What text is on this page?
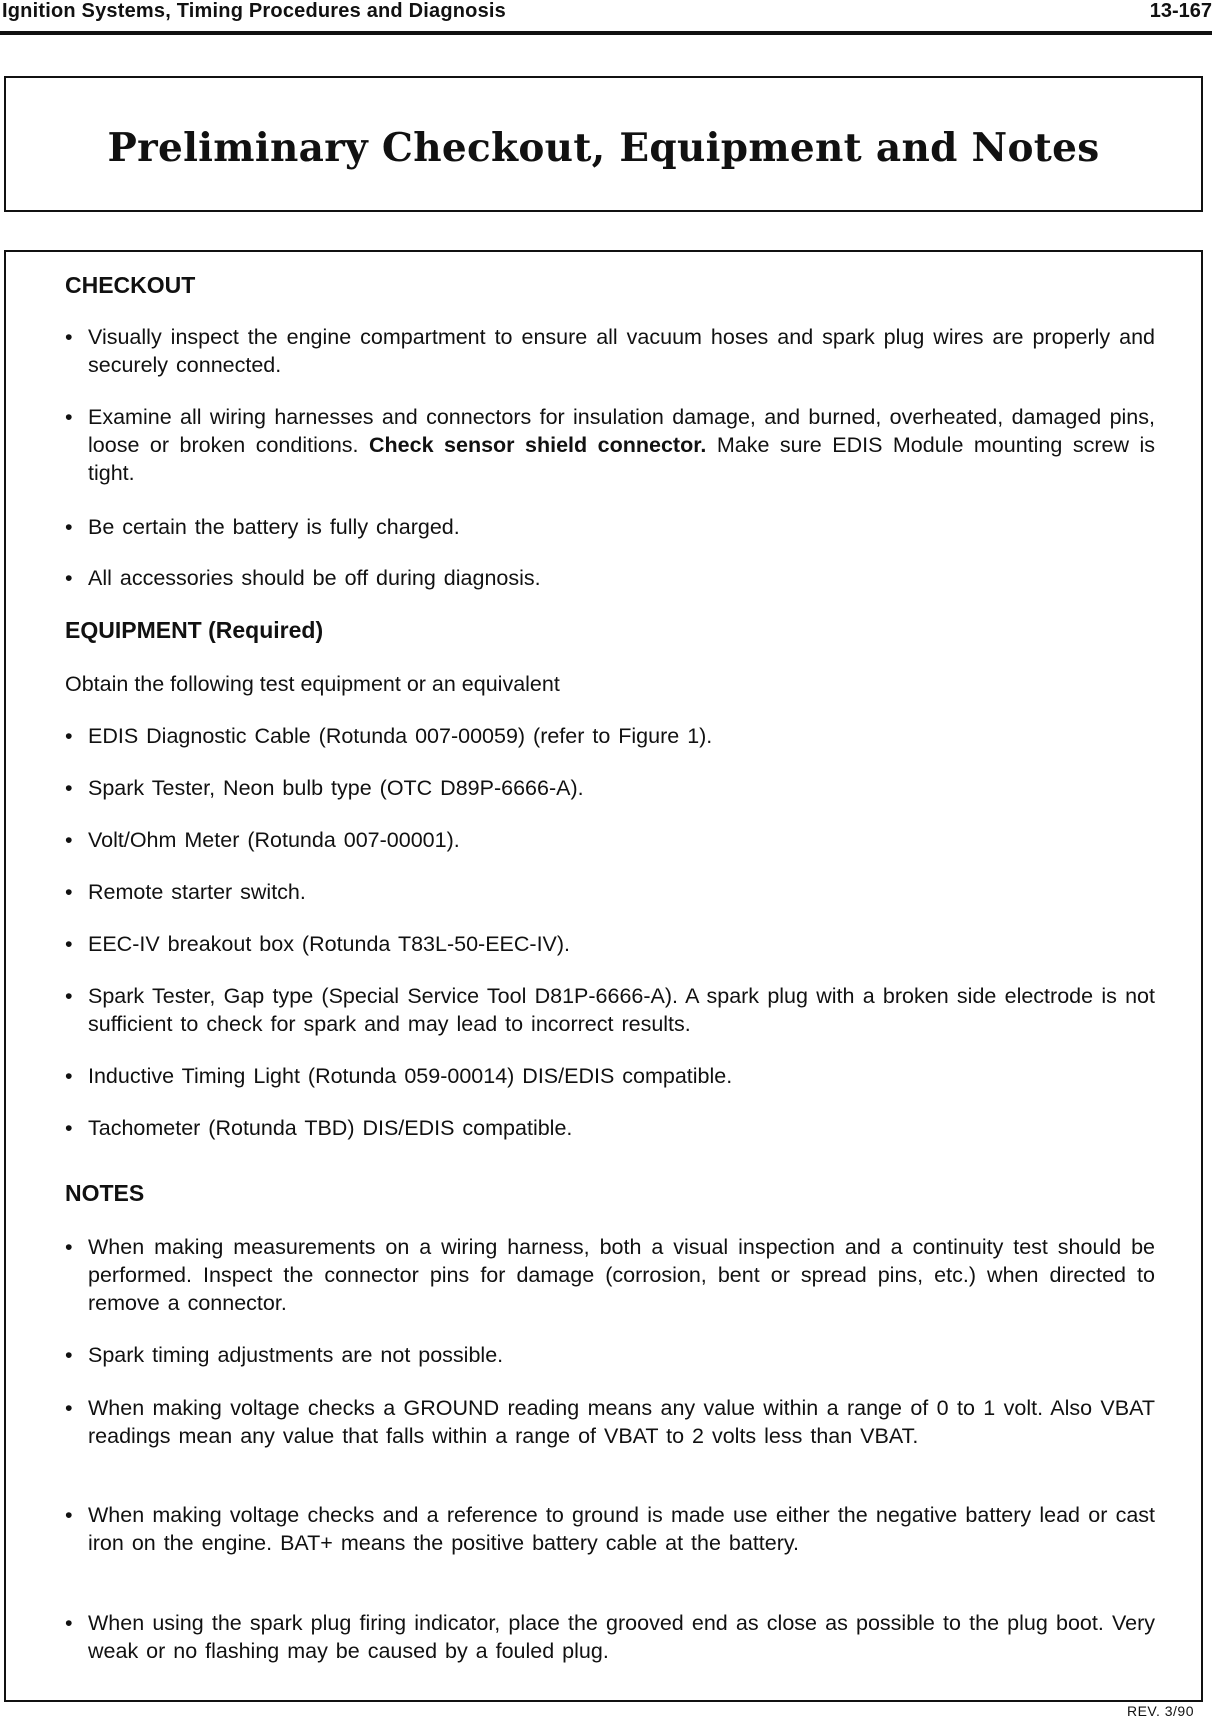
Ignition Systems, Timing Procedures and Diagnosis	13-167
Preliminary Checkout, Equipment and Notes
CHECKOUT
• Visually inspect the engine compartment to ensure all vacuum hoses and spark plug wires are properly and securely connected.
• Examine all wiring harnesses and connectors for insulation damage, and burned, overheated, damaged pins, loose or broken conditions. Check sensor shield connector. Make sure EDIS Module mounting screw is tight.
• Be certain the battery is fully charged.
• All accessories should be off during diagnosis.
EQUIPMENT (Required)

Obtain the following test equipment or an equivalent

• EDIS Diagnostic Cable (Rotunda 007-00059) (refer to Figure 1).
• Spark Tester, Neon bulb type (OTC D89P-6666-A).
• Volt/Ohm Meter (Rotunda 007-00001).
• Remote starter switch.
• EEC-IV breakout box (Rotunda T83L-50-EEC-IV).
• Spark Tester, Gap type (Special Service Tool D81P-6666-A). A spark plug with a broken side electrode is not sufficient to check for spark and may lead to incorrect results.
• Inductive Timing Light (Rotunda 059-00014) DIS/EDIS compatible.
• Tachometer (Rotunda TBD) DIS/EDIS compatible.
NOTES
• When making measurements on a wiring harness, both a visual inspection and a continuity test should be performed. Inspect the connector pins for damage (corrosion, bent or spread pins, etc.) when directed to remove a connector.
• Spark timing adjustments are not possible.
• When making voltage checks a GROUND reading means any value within a range of 0 to 1 volt. Also VBAT readings mean any value that falls within a range of VBAT to 2 volts less than VBAT.
• When making voltage checks and a reference to ground is made use either the negative battery lead or cast iron on the engine. BAT+ means the positive battery cable at the battery.
• When using the spark plug firing indicator, place the grooved end as close as possible to the plug boot. Very weak or no flashing may be caused by a fouled plug.
REV. 3/90
